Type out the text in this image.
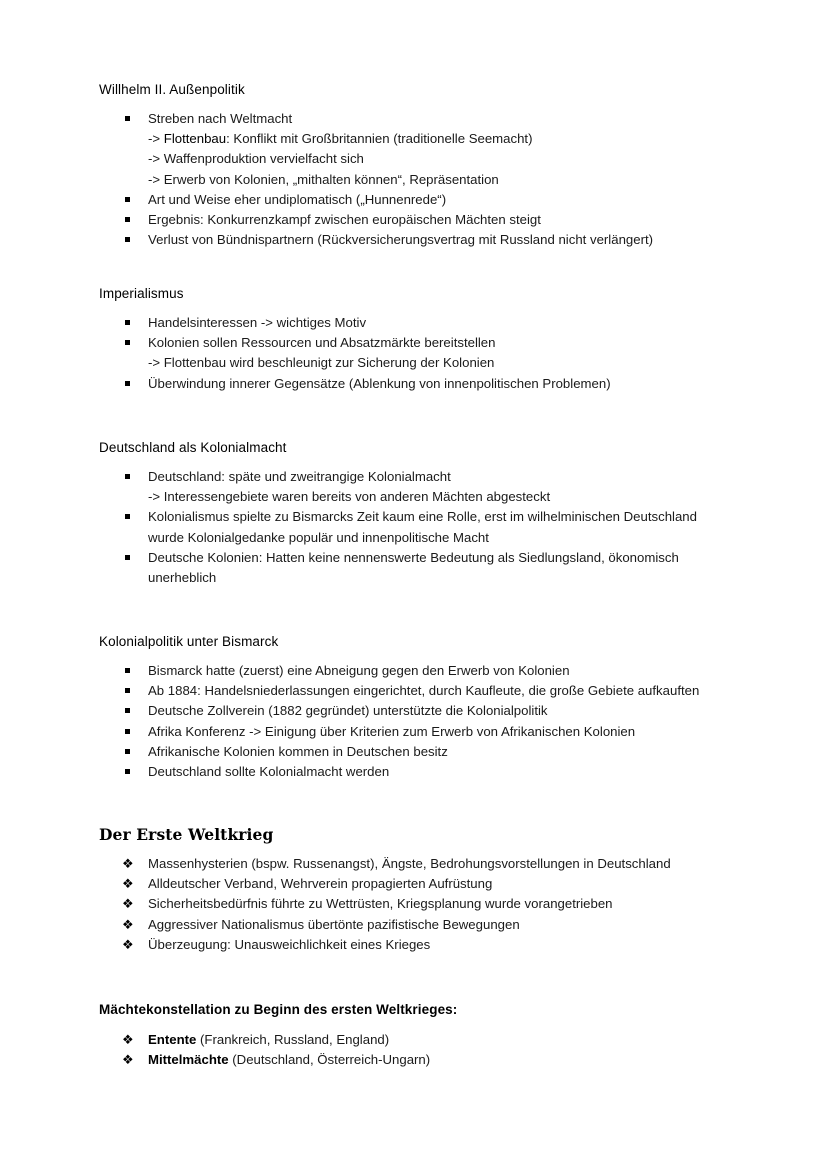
Willhelm II. Außenpolitik
Streben nach Weltmacht
-> Flottenbau: Konflikt mit Großbritannien (traditionelle Seemacht)
-> Waffenproduktion vervielfacht sich
-> Erwerb von Kolonien, „mithalten können“, Repräsentation
Art und Weise eher undiplomatisch („Hunnenrede“)
Ergebnis: Konkurrenzkampf zwischen europäischen Mächten steigt
Verlust von Bündnispartnern (Rückversicherungsvertrag mit Russland nicht verlängert)
Imperialismus
Handelsinteressen -> wichtiges Motiv
Kolonien sollen Ressourcen und Absatzmärkte bereitstellen
-> Flottenbau wird beschleunigt zur Sicherung der Kolonien
Überwindung innerer Gegensätze (Ablenkung von innenpolitischen Problemen)
Deutschland als Kolonialmacht
Deutschland: späte und zweitrangige Kolonialmacht
-> Interessengebiete waren bereits von anderen Mächten abgesteckt
Kolonialismus spielte zu Bismarcks Zeit kaum eine Rolle, erst im wilhelminischen Deutschland
wurde Kolonialgedanke populär und innenpolitische Macht
Deutsche Kolonien: Hatten keine nennenswerte Bedeutung als Siedlungsland, ökonomisch
unerheblich
Kolonialpolitik unter Bismarck
Bismarck hatte (zuerst) eine Abneigung gegen den Erwerb von Kolonien
Ab 1884: Handelsniederlassungen eingerichtet, durch Kaufleute, die große Gebiete aufkauften
Deutsche Zollverein (1882 gegründet) unterstützte die Kolonialpolitik
Afrika Konferenz -> Einigung über Kriterien zum Erwerb von Afrikanischen Kolonien
Afrikanische Kolonien kommen in Deutschen besitz
Deutschland sollte Kolonialmacht werden
Der Erste Weltkrieg
❖ Massenhysterien (bspw. Russenangst), Ängste, Bedrohungsvorstellungen in Deutschland
❖ Alldeutscher Verband, Wehrverein propagierten Aufrüstung
❖ Sicherheitsbedürfnis führte zu Wettrüsten, Kriegsplanung wurde vorangetrieben
❖ Aggressiver Nationalismus übertönte pazifistische Bewegungen
❖ Überzeugung: Unausweichlichkeit eines Krieges
Mächtekonstellation zu Beginn des ersten Weltkrieges:
❖ Entente (Frankreich, Russland, England)
❖ Mittelmächte (Deutschland, Österreich-Ungarn)
